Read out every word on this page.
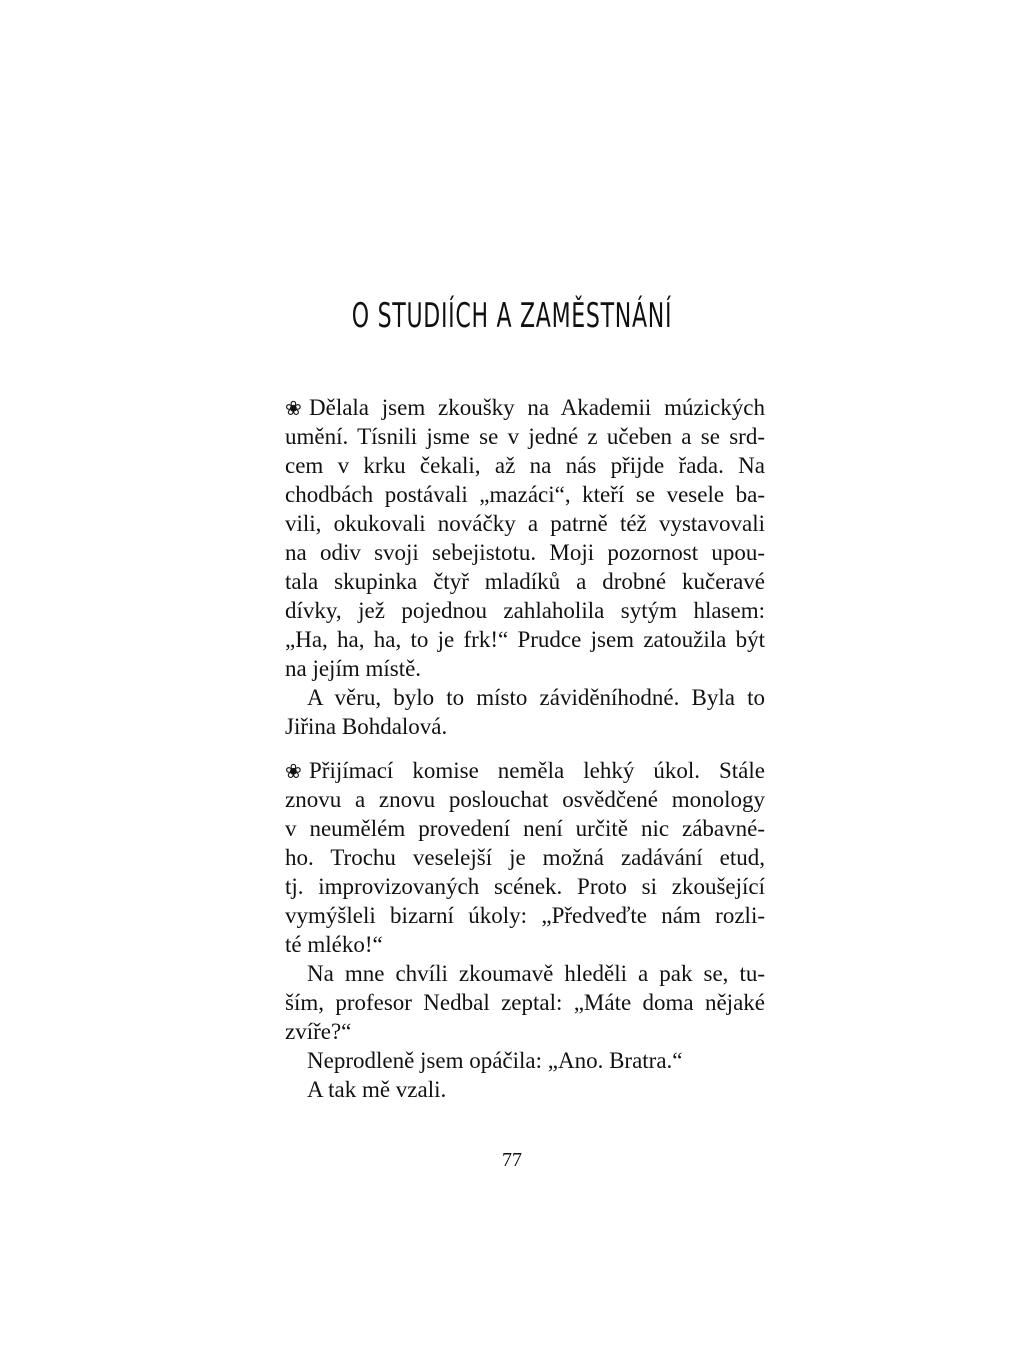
O STUDIÍCH A ZAMĚSTNÁNÍ
❀ Dělala jsem zkoušky na Akademii múzických
umění. Tísnili jsme se v jedné z učeben a se srd-
cem v krku čekali, až na nás přijde řada. Na
chodbách postávali „mazáci“, kteří se vesele ba-
vili, okukovali nováčky a patrně též vystavovali
na odiv svoji sebejistotu. Moji pozornost upou-
tala skupinka čtyř mladíků a drobné kučeravé
dívky, jež pojednou zahlaholila sytým hlasem:
„Ha, ha, ha, to je frk!“ Prudce jsem zatoužila být
na jejím místě.
A věru, bylo to místo záviděníhodné. Byla to
Jiřina Bohdalová.
❀ Přijímací komise neměla lehký úkol. Stále
znovu a znovu poslouchat osvědčené monology
v neumělém provedení není určitě nic zábavné-
ho. Trochu veselejší je možná zadávání etud,
tj. improvizovaných scének. Proto si zkoušející
vymýšleli bizarní úkoly: „Předveďte nám rozli-
té mléko!“
Na mne chvíli zkoumavě hleděli a pak se, tu-
ším, profesor Nedbal zeptal: „Máte doma nějaké
zvíře?“
Neprodleně jsem opáčila: „Ano. Bratra.“
A tak mě vzali.
77
